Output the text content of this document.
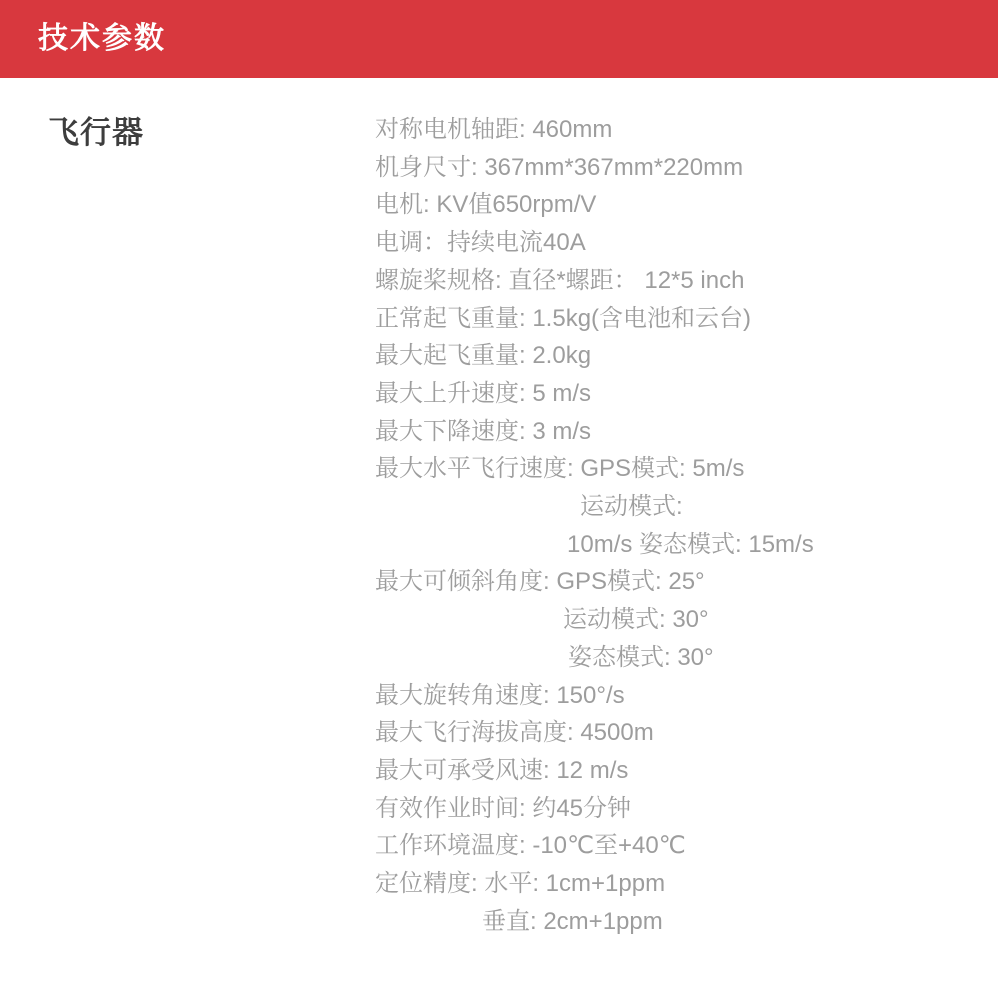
技术参数
飞行器	对称电机轴距: 460mm
机身尺寸: 367mm*367mm*220mm
电机: KV值650rpm/V
电调：持续电流40A
螺旋桨规格: 直径*螺距： 12*5 inch
正常起飞重量: 1.5kg(含电池和云台)
最大起飞重量: 2.0kg
最大上升速度: 5 m/s
最大下降速度: 3 m/s
最大水平飞行速度: GPS模式: 5m/s
运动模式:
10m/s 姿态模式: 15m/s
最大可倾斜角度: GPS模式: 25°
运动模式: 30°
姿态模式: 30°
最大旋转角速度: 150°/s
最大飞行海拔高度: 4500m
最大可承受风速: 12 m/s
有效作业时间: 约45分钟
工作环境温度: -10℃至+40℃
定位精度: 水平: 1cm+1ppm
垂直: 2cm+1ppm
